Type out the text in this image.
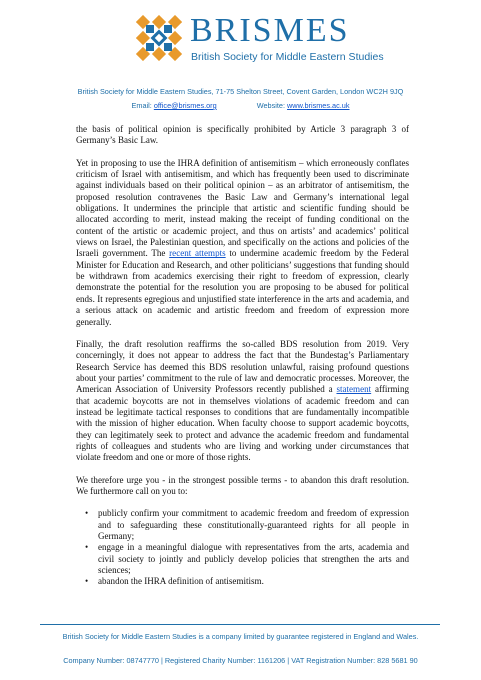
BRISMES
British Society for Middle Eastern Studies
British Society for Middle Eastern Studies, 71-75 Shelton Street, Covent Garden, London WC2H 9JQ
Email: office@brismes.org	Website: www.brismes.ac.uk

the basis of political opinion is specifically prohibited by Article 3 paragraph 3 of Germany’s Basic Law.

Yet in proposing to use the IHRA definition of antisemitism – which erroneously conflates criticism of Israel with antisemitism, and which has frequently been used to discriminate against individuals based on their political opinion – as an arbitrator of antisemitism, the proposed resolution contravenes the Basic Law and Germany’s international legal obligations. It undermines the principle that artistic and scientific funding should be allocated according to merit, instead making the receipt of funding conditional on the content of the artistic or academic project, and thus on artists’ and academics’ political views on Israel, the Palestinian question, and specifically on the actions and policies of the Israeli government. The recent attempts to undermine academic freedom by the Federal Minister for Education and Research, and other politicians’ suggestions that funding should be withdrawn from academics exercising their right to freedom of expression, clearly demonstrate the potential for the resolution you are proposing to be abused for political ends. It represents egregious and unjustified state interference in the arts and academia, and a serious attack on academic and artistic freedom and freedom of expression more generally.

Finally, the draft resolution reaffirms the so-called BDS resolution from 2019. Very concerningly, it does not appear to address the fact that the Bundestag’s Parliamentary Research Service has deemed this BDS resolution unlawful, raising profound questions about your parties’ commitment to the rule of law and democratic processes. Moreover, the American Association of University Professors recently published a statement affirming that academic boycotts are not in themselves violations of academic freedom and can instead be legitimate tactical responses to conditions that are fundamentally incompatible with the mission of higher education. When faculty choose to support academic boycotts, they can legitimately seek to protect and advance the academic freedom and fundamental rights of colleagues and students who are living and working under circumstances that violate freedom and one or more of those rights.

We therefore urge you - in the strongest possible terms - to abandon this draft resolution. We furthermore call on you to:

• publicly confirm your commitment to academic freedom and freedom of expression and to safeguarding these constitutionally-guaranteed rights for all people in Germany;
• engage in a meaningful dialogue with representatives from the arts, academia and civil society to jointly and publicly develop policies that strengthen the arts and sciences;
• abandon the IHRA definition of antisemitism.
British Society for Middle Eastern Studies is a company limited by guarantee registered in England and Wales.
Company Number: 08747770 | Registered Charity Number: 1161206 | VAT Registration Number: 828 5681 90
